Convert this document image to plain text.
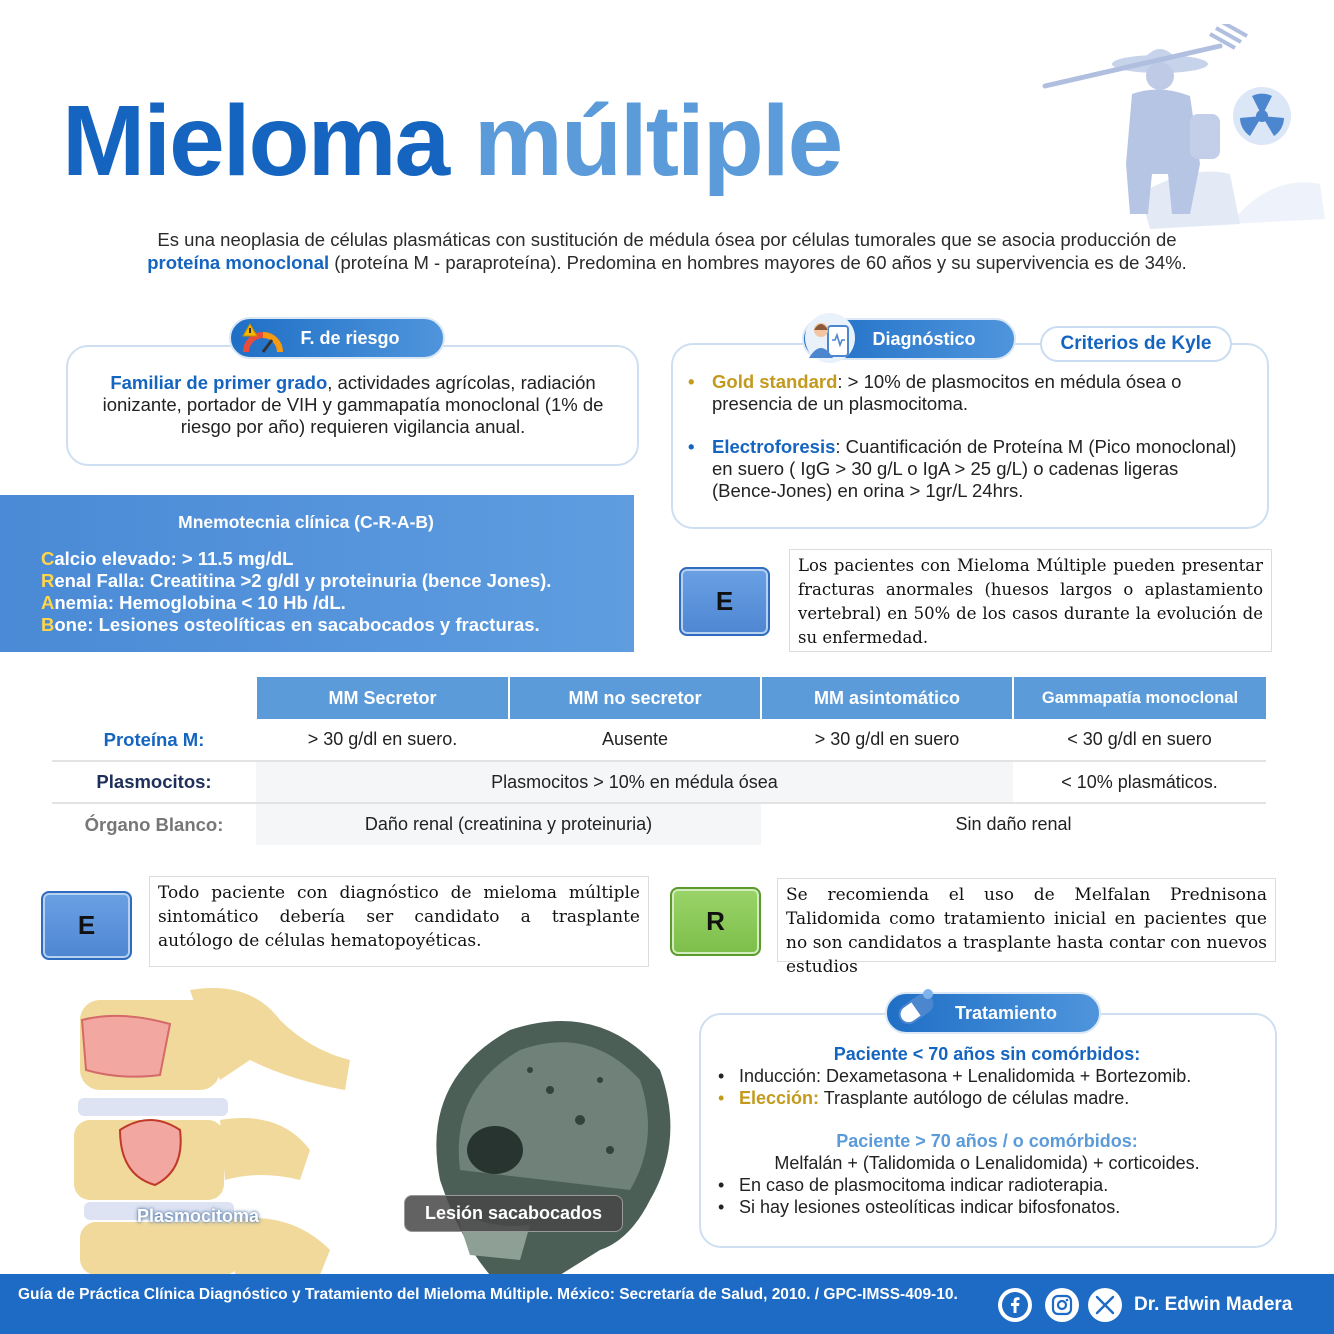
Mieloma múltiple
Es una neoplasia de células plasmáticas con sustitución de médula ósea por células tumorales que se asocia producción de
proteína monoclonal (proteína M - paraproteína). Predomina en hombres mayores de 60 años y su supervivencia es de 34%.
Familiar de primer grado, actividades agrícolas, radiación ionizante, portador de VIH y gammapatía monoclonal (1% de riesgo por año) requieren vigilancia anual.
F. de riesgo	Diagnóstico	Criterios de Kyle
• Gold standard: > 10% de plasmocitos en médula ósea o presencia de un plasmocitoma.
• Electroforesis: Cuantificación de Proteína M (Pico monoclonal) en suero ( IgG > 30 g/L o IgA > 25 g/L) o cadenas ligeras (Bence-Jones) en orina > 1gr/L 24hrs.
Mnemotecnia clínica (C-R-A-B)
Calcio elevado: > 11.5 mg/dL
Renal Falla: Creatitina >2 g/dl y proteinuria (bence Jones).
Anemia: Hemoglobina < 10 Hb /dL.
Bone: Lesiones osteolíticas en sacabocados y fracturas.
E
Los pacientes con Mieloma Múltiple pueden presentar fracturas anormales (huesos largos o aplastamiento vertebral) en 50% de los casos durante la evolución de su enfermedad.
	MM Secretor	MM no secretor	MM asintomático	Gammapatía monoclonal
Proteína M:	> 30 g/dl en suero.	Ausente	> 30 g/dl en suero	< 30 g/dl en suero
Plasmocitos:	Plasmocitos > 10% en médula ósea			< 10% plasmáticos.
Órgano Blanco:	Daño renal (creatinina y proteinuria)		Sin daño renal	
E
Todo paciente con diagnóstico de mieloma múltiple sintomático debería ser candidato a trasplante autólogo de células hematopoyéticas.
R
Se recomienda el uso de Melfalan Prednisona Talidomida como tratamiento inicial en pacientes que no son candidatos a trasplante hasta contar con nuevos estudios
Plasmocitoma	Lesión sacabocados
Tratamiento
Paciente < 70 años sin comórbidos:
• Inducción: Dexametasona + Lenalidomida + Bortezomib.
• Elección: Trasplante autólogo de células madre.
Paciente > 70 años / o comórbidos:
Melfalán + (Talidomida o Lenalidomida) + corticoides.
• En caso de plasmocitoma indicar radioterapia.
• Si hay lesiones osteolíticas indicar bifosfonatos.
Guía de Práctica Clínica Diagnóstico y Tratamiento del Mieloma Múltiple. México: Secretaría de Salud, 2010. / GPC-IMSS-409-10.	Dr. Edwin Madera
